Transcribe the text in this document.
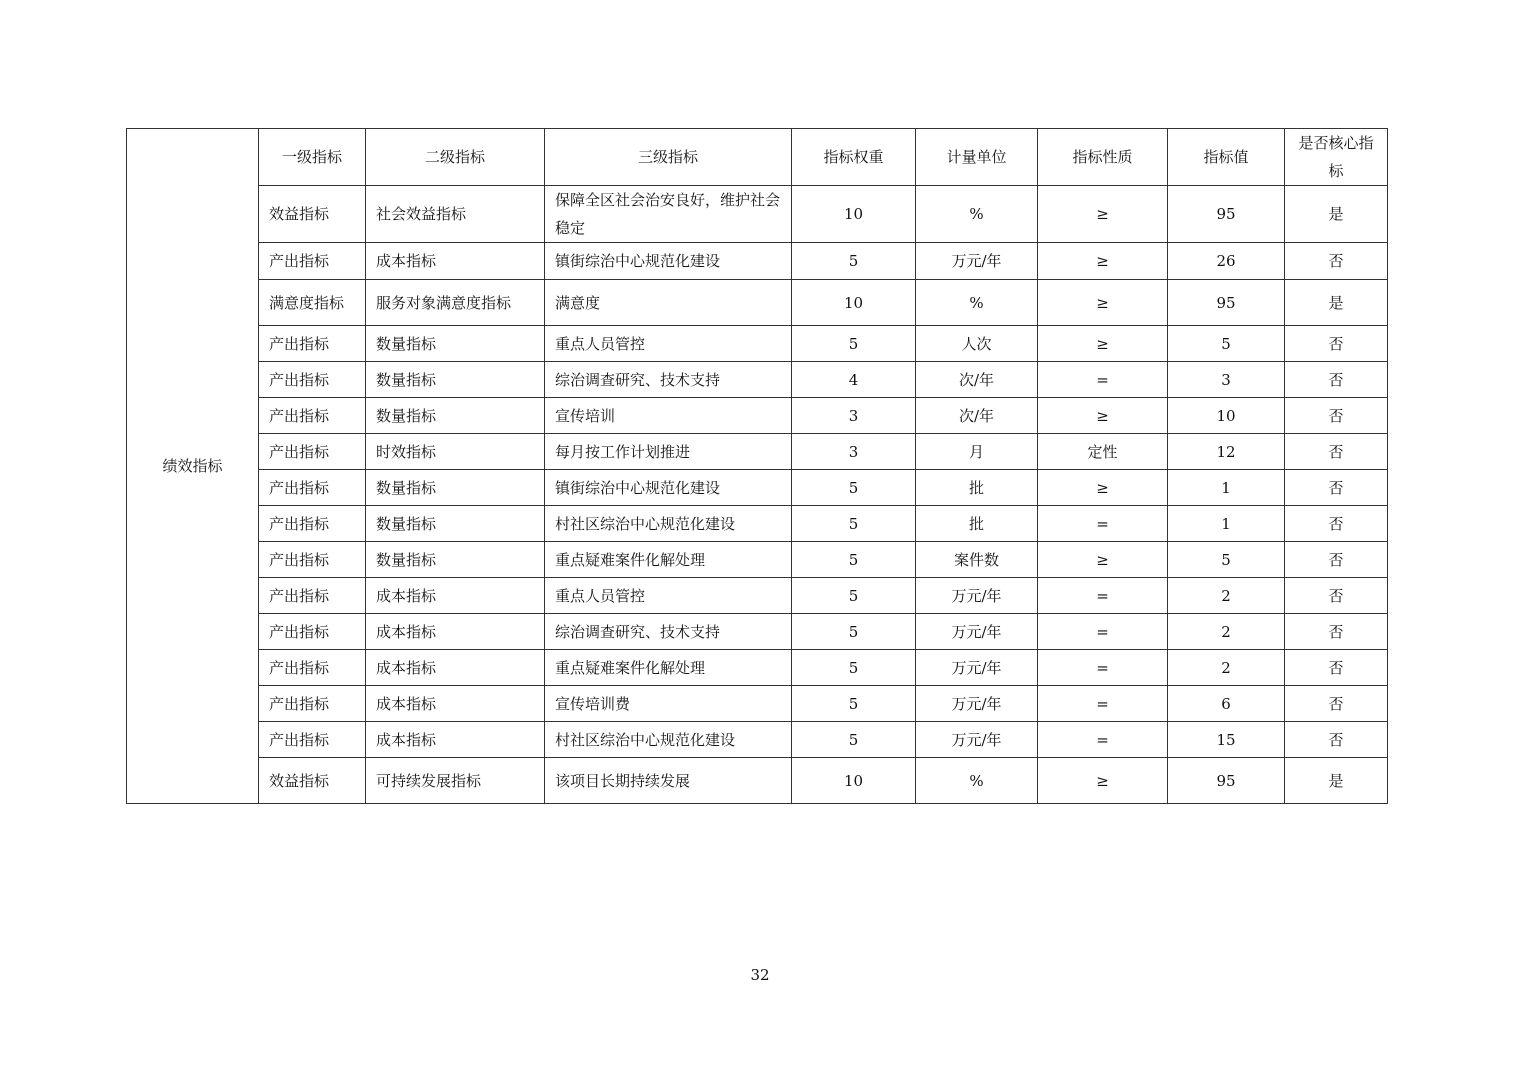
绩效指标	一级指标	二级指标	三级指标	指标权重	计量单位	指标性质	指标值	是否核心指标
	效益指标	社会效益指标	保障全区社会治安良好，维护社会稳定	10	%	≥	95	是
	产出指标	成本指标	镇街综治中心规范化建设	5	万元/年	≥	26	否
	满意度指标	服务对象满意度指标	满意度	10	%	≥	95	是
	产出指标	数量指标	重点人员管控	5	人次	≥	5	否
	产出指标	数量指标	综治调查研究、技术支持	4	次/年	=	3	否
	产出指标	数量指标	宣传培训	3	次/年	≥	10	否
	产出指标	时效指标	每月按工作计划推进	3	月	定性	12	否
	产出指标	数量指标	镇街综治中心规范化建设	5	批	≥	1	否
	产出指标	数量指标	村社区综治中心规范化建设	5	批	=	1	否
	产出指标	数量指标	重点疑难案件化解处理	5	案件数	≥	5	否
	产出指标	成本指标	重点人员管控	5	万元/年	=	2	否
	产出指标	成本指标	综治调查研究、技术支持	5	万元/年	=	2	否
	产出指标	成本指标	重点疑难案件化解处理	5	万元/年	=	2	否
	产出指标	成本指标	宣传培训费	5	万元/年	=	6	否
	产出指标	成本指标	村社区综治中心规范化建设	5	万元/年	=	15	否
	效益指标	可持续发展指标	该项目长期持续发展	10	%	≥	95	是
32
